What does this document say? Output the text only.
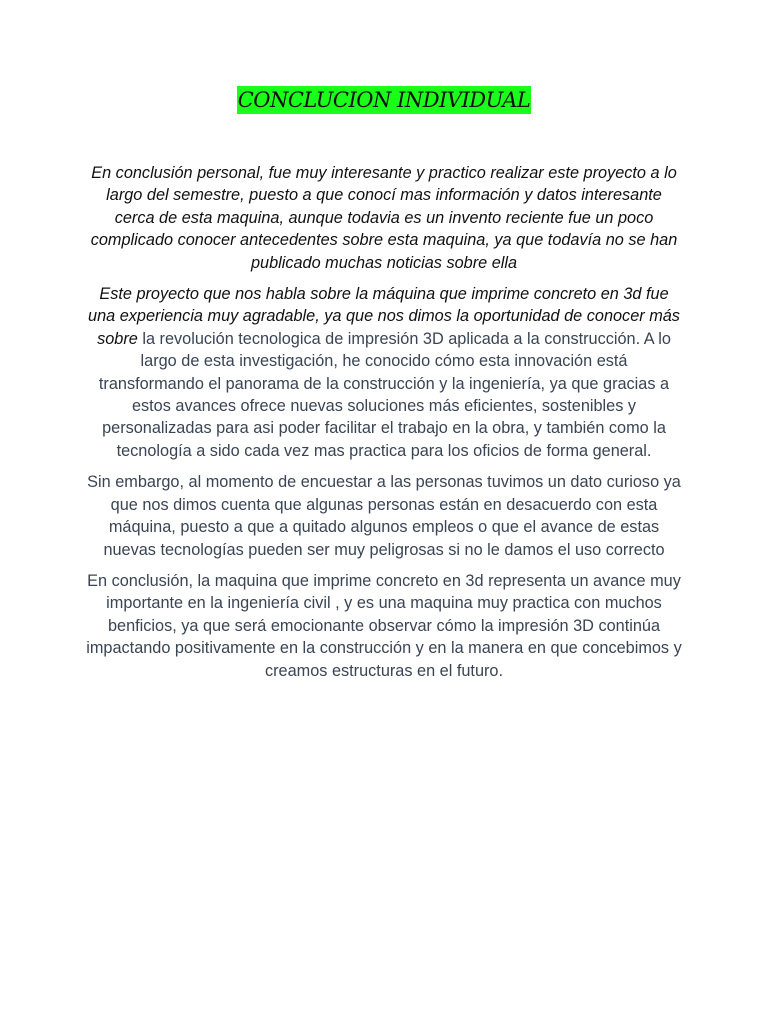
CONCLUCION INDIVIDUAL

En conclusión personal, fue muy interesante y practico realizar este proyecto a lo largo del semestre, puesto a que conocí mas información y datos interesante cerca de esta maquina, aunque todavia es un invento reciente fue un poco complicado conocer antecedentes sobre esta maquina, ya que todavía no se han publicado muchas noticias sobre ella

Este proyecto que nos habla sobre la máquina que imprime concreto en 3d fue una experiencia muy agradable, ya que nos dimos la oportunidad de conocer más sobre la revolución tecnologica de impresión 3D aplicada a la construcción. A lo largo de esta investigación, he conocido cómo esta innovación está transformando el panorama de la construcción y la ingeniería, ya que gracias a estos avances ofrece nuevas soluciones más eficientes, sostenibles y personalizadas para asi poder facilitar el trabajo en la obra, y también como la tecnología a sido cada vez mas practica para los oficios de forma general.

Sin embargo, al momento de encuestar a las personas tuvimos un dato curioso ya que nos dimos cuenta que algunas personas están en desacuerdo con esta máquina, puesto a que a quitado algunos empleos o que el avance de estas nuevas tecnologías pueden ser muy peligrosas si no le damos el uso correcto

En conclusión, la maquina que imprime concreto en 3d representa un avance muy importante en la ingeniería civil , y es una maquina muy practica con muchos benficios, ya que será emocionante observar cómo la impresión 3D continúa impactando positivamente en la construcción y en la manera en que concebimos y creamos estructuras en el futuro.
